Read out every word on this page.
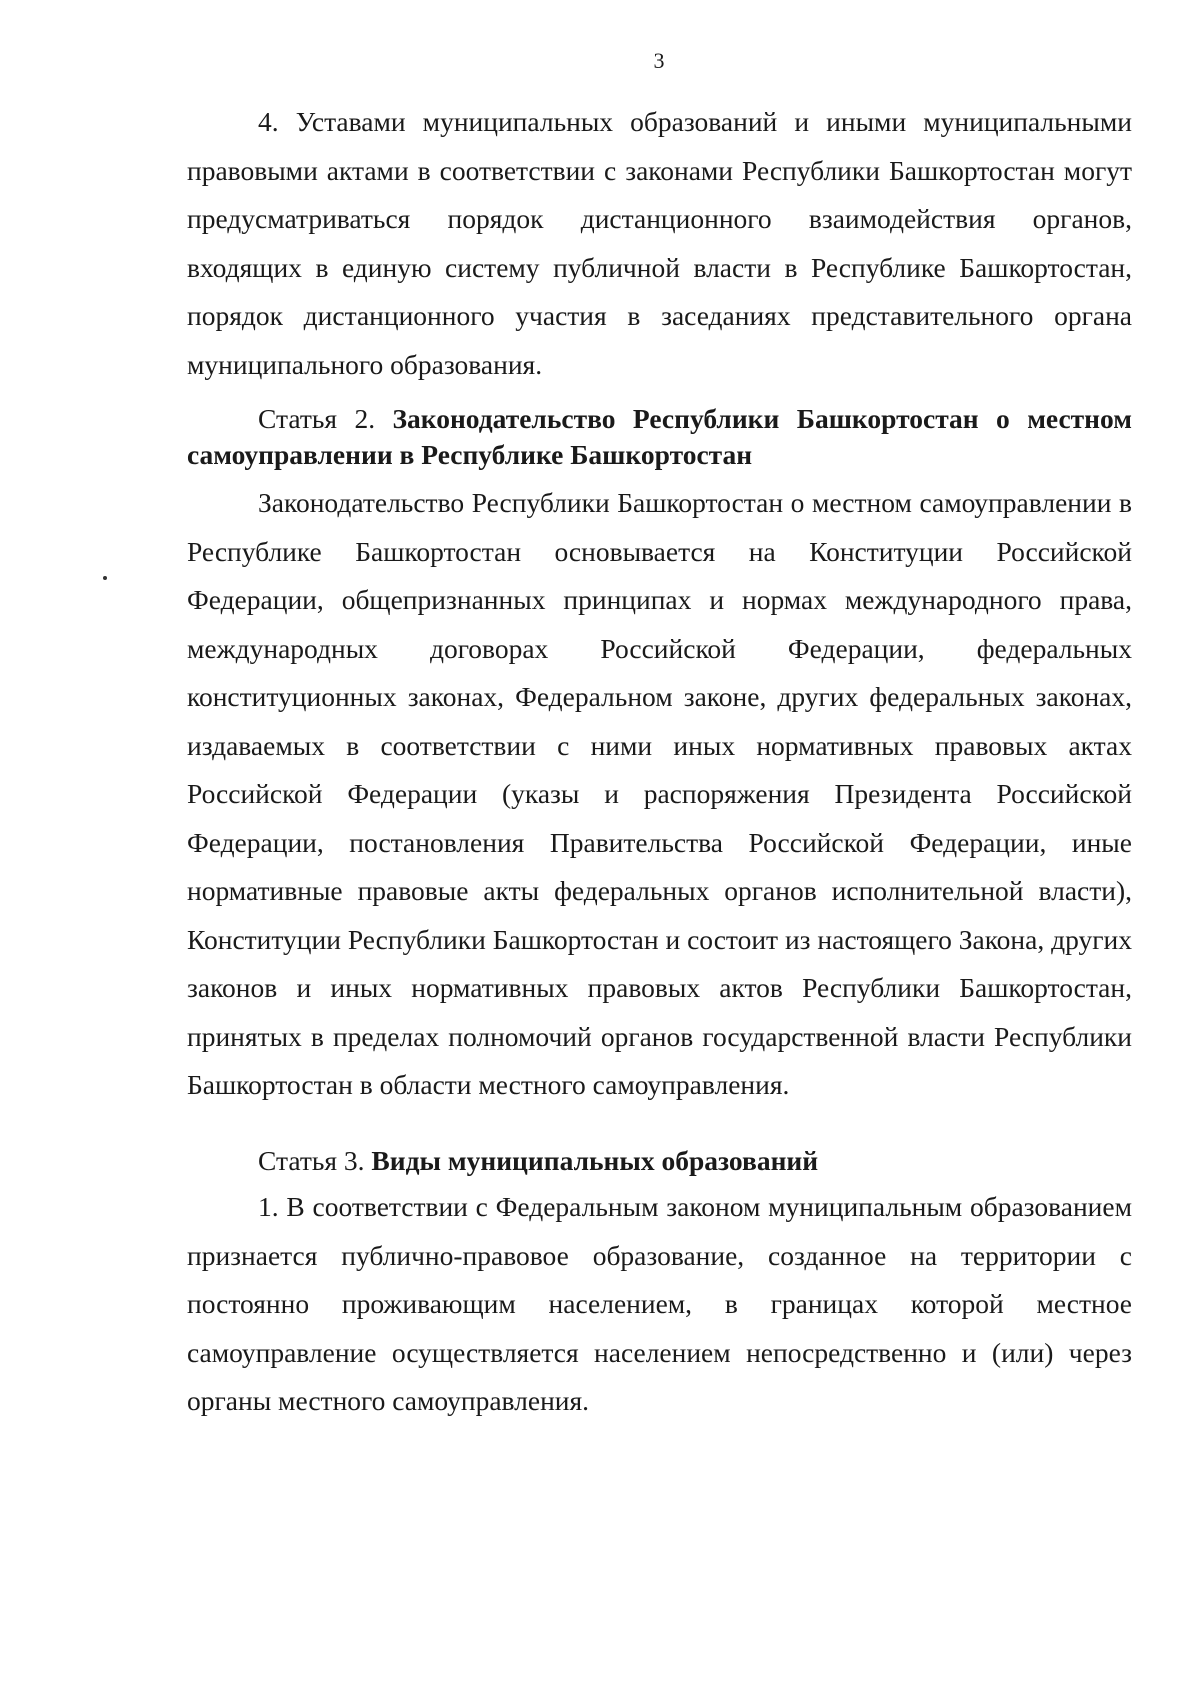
3

4. Уставами муниципальных образований и иными муниципальными правовыми актами в соответствии с законами Республики Башкортостан могут предусматриваться порядок дистанционного взаимодействия органов, входящих в единую систему публичной власти в Республике Башкортостан, порядок дистанционного участия в заседаниях представительного органа муниципального образования.

Статья 2. Законодательство Республики Башкортостан о местном самоуправлении в Республике Башкортостан

Законодательство Республики Башкортостан о местном самоуправлении в Республике Башкортостан основывается на Конституции Российской Федерации, общепризнанных принципах и нормах международного права, международных договорах Российской Федерации, федеральных конституционных законах, Федеральном законе, других федеральных законах, издаваемых в соответствии с ними иных нормативных правовых актах Российской Федерации (указы и распоряжения Президента Российской Федерации, постановления Правительства Российской Федерации, иные нормативные правовые акты федеральных органов исполнительной власти), Конституции Республики Башкортостан и состоит из настоящего Закона, других законов и иных нормативных правовых актов Республики Башкортостан, принятых в пределах полномочий органов государственной власти Республики Башкортостан в области местного самоуправления.

Статья 3. Виды муниципальных образований

1. В соответствии с Федеральным законом муниципальным образованием признается публично-правовое образование, созданное на территории с постоянно проживающим населением, в границах которой местное самоуправление осуществляется населением непосредственно и (или) через органы местного самоуправления.
